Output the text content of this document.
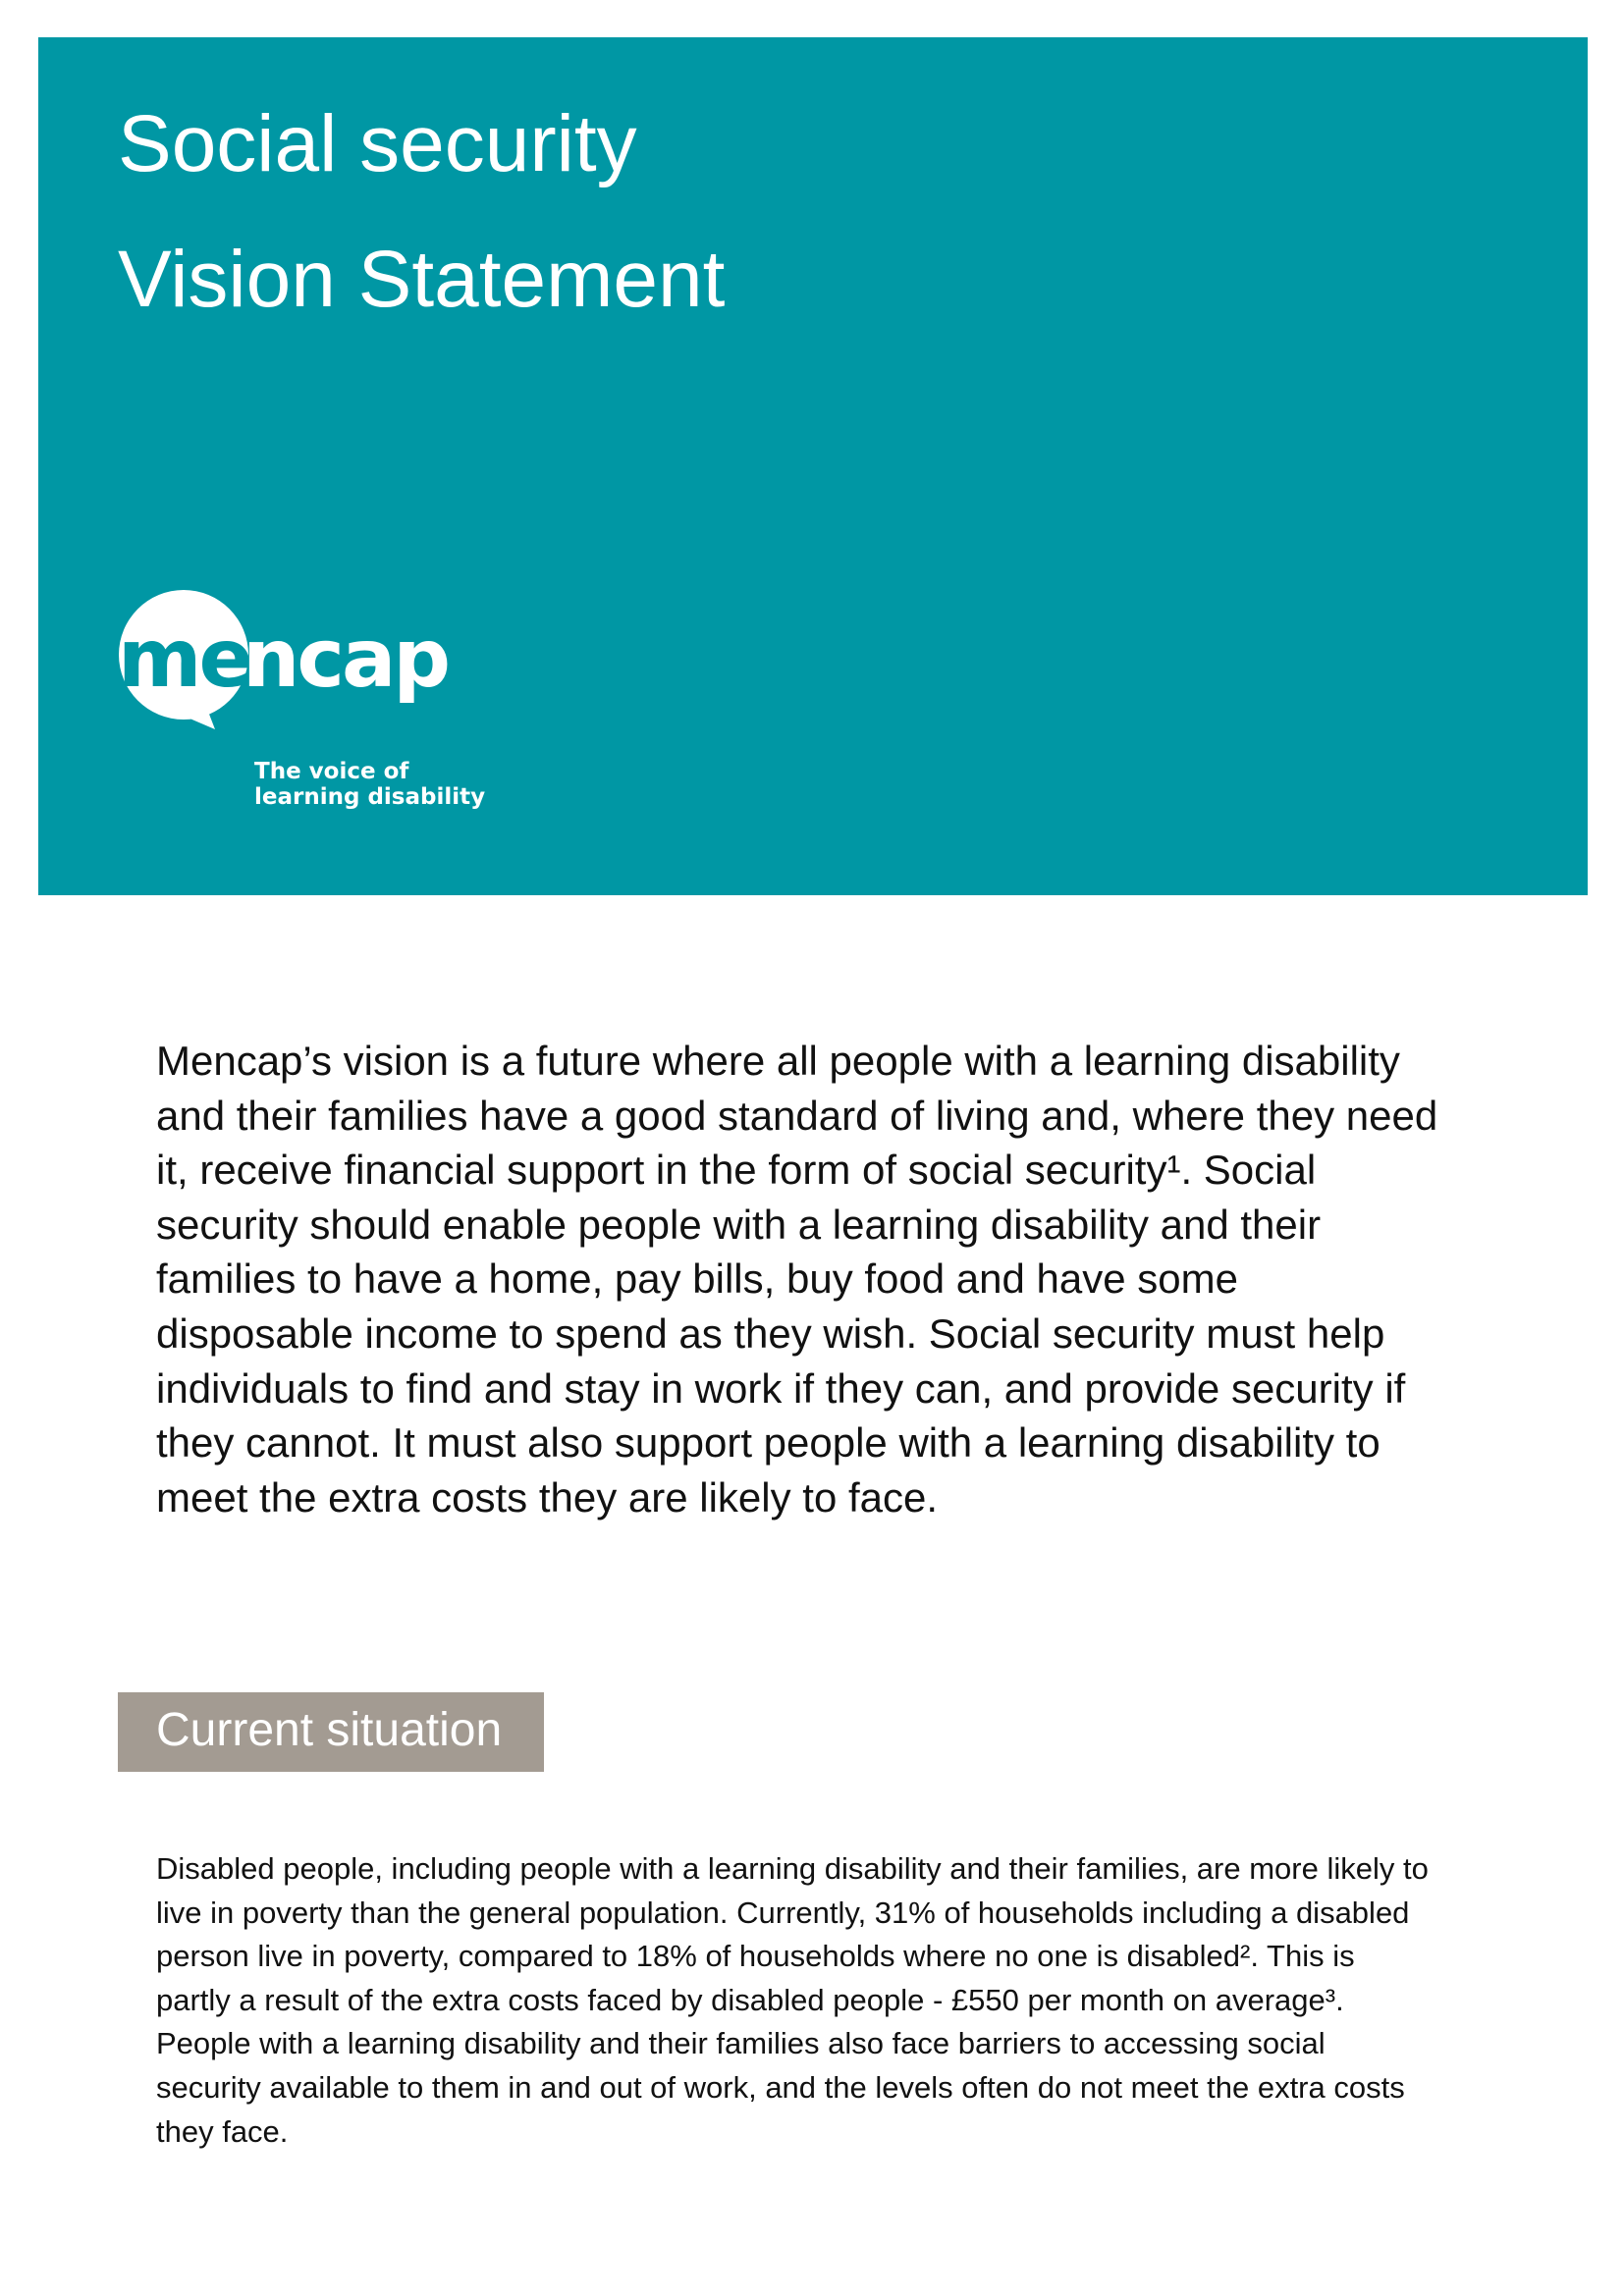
Social security
Vision Statement
me
ncap
The voice of
learning disability

Mencap’s vision is a future where all people with a learning disability and their families have a good standard of living and, where they need it, receive financial support in the form of social security¹. Social security should enable people with a learning disability and their families to have a home, pay bills, buy food and have some disposable income to spend as they wish. Social security must help individuals to find and stay in work if they can, and provide security if they cannot. It must also support people with a learning disability to meet the extra costs they are likely to face.

Current situation

Disabled people, including people with a learning disability and their families, are more likely to live in poverty than the general population. Currently, 31% of households including a disabled person live in poverty, compared to 18% of households where no one is disabled². This is partly a result of the extra costs faced by disabled people - £550 per month on average³. People with a learning disability and their families also face barriers to accessing social security available to them in and out of work, and the levels often do not meet the extra costs they face.
